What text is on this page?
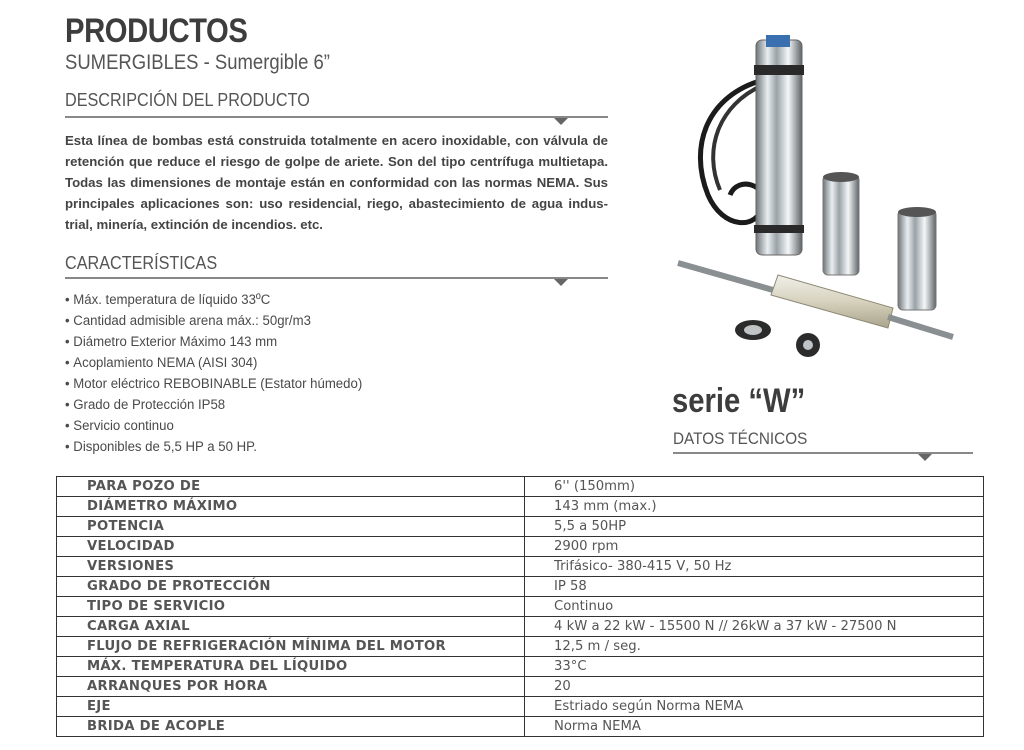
PRODUCTOS
SUMERGIBLES - Sumergible 6”
DESCRIPCIÓN DEL PRODUCTO

Esta línea de bombas está construida totalmente en acero inoxidable, con válvula de retención que reduce el riesgo de golpe de ariete. Son del tipo centrífuga multietapa. Todas las dimensiones de montaje están en conformidad con las normas NEMA. Sus principales aplicaciones son: uso residencial, riego, abastecimiento de agua industrial, minería, extinción de incendios. etc.

CARACTERÍSTICAS
• Máx. temperatura de líquido 33ºC
• Cantidad admisible arena máx.: 50gr/m3
• Diámetro Exterior Máximo 143 mm
• Acoplamiento NEMA (AISI 304)
• Motor eléctrico REBOBINABLE (Estator húmedo)
• Grado de Protección IP58
• Servicio continuo
• Disponibles de 5,5 HP a 50 HP.
serie “W”
DATOS TÉCNICOS
PARA POZO DE	6'' (150mm)
DIÁMETRO MÁXIMO	143 mm (max.)
POTENCIA	5,5 a 50HP
VELOCIDAD	2900 rpm
VERSIONES	Trifásico- 380-415 V, 50 Hz
GRADO DE PROTECCIÓN	IP 58
TIPO DE SERVICIO	Continuo
CARGA AXIAL	4 kW a 22 kW - 15500 N // 26kW a 37 kW - 27500 N
FLUJO DE REFRIGERACIÓN MÍNIMA DEL MOTOR	12,5 m / seg.
MÁX. TEMPERATURA DEL LÍQUIDO	33°C
ARRANQUES POR HORA	20
EJE	Estriado según Norma NEMA
BRIDA DE ACOPLE	Norma NEMA
